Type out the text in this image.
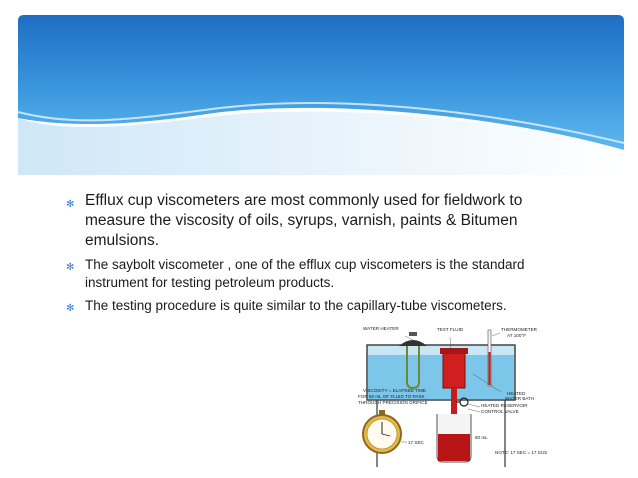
✻ Efflux cup viscometers are most commonly used for fieldwork to measure the viscosity of oils, syrups, varnish, paints & Bitumen emulsions.
✻ The saybolt viscometer , one of the efflux cup viscometers is the standard instrument for testing petroleum products.
✻ The testing procedure is quite similar to the capillary-tube viscometers.
WATER HEATER	TEST FLUID	THERMOMETER
AT 100°F
HEATED
WATER BATH
HEATED RESERVOIR
CONTROL VALVE
VISCOSITY = ELAPSED TIME
FOR 60 mL OF FLUID TO PASS
THROUGH PRECISION ORIFICE
17 SEC
60 mL
NOTE: 17 SEC = 17 SUS
